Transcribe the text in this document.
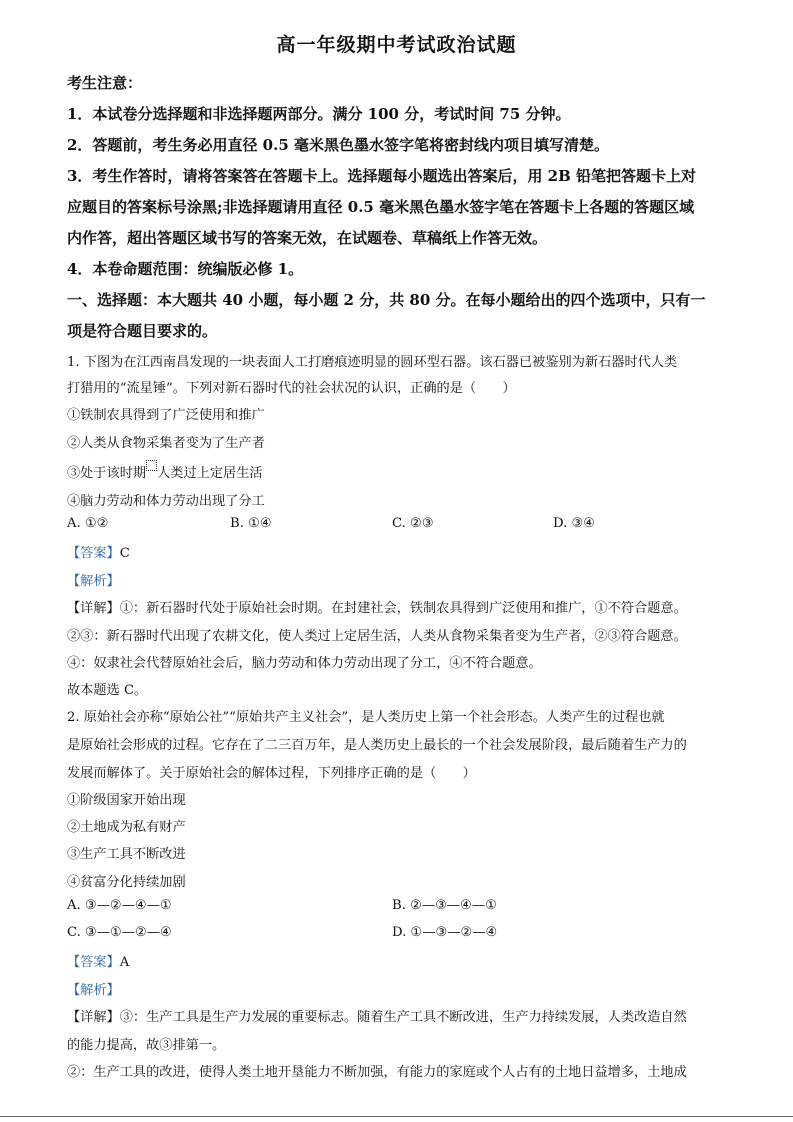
高一年级期中考试政治试题
考生注意：
1．本试卷分选择题和非选择题两部分。满分 100 分，考试时间 75 分钟。
2．答题前，考生务必用直径 0.5 毫米黑色墨水签字笔将密封线内项目填写清楚。
3．考生作答时，请将答案答在答题卡上。选择题每小题选出答案后，用 2B 铅笔把答题卡上对
应题目的答案标号涂黑;非选择题请用直径 0.5 毫米黑色墨水签字笔在答题卡上各题的答题区域
内作答，超出答题区域书写的答案无效，在试题卷、草稿纸上作答无效。
4．本卷命题范围：统编版必修 1。
一、选择题：本大题共 40 小题，每小题 2 分，共 80 分。在每小题给出的四个选项中，只有一
项是符合题目要求的。
1. 下图为在江西南昌发现的一块表面人工打磨痕迹明显的圆环型石器。该石器已被鉴别为新石器时代人类
打猎用的“流星锤”。下列对新石器时代的社会状况的认识，正确的是（　　）
①铁制农具得到了广泛使用和推广
②人类从食物采集者变为了生产者
③处于该时期 人类过上定居生活
④脑力劳动和体力劳动出现了分工
A. ①②	B. ①④	C. ②③	D. ③④
【答案】C
【解析】
【详解】①：新石器时代处于原始社会时期。在封建社会，铁制农具得到广泛使用和推广，①不符合题意。
②③：新石器时代出现了农耕文化，使人类过上定居生活，人类从食物采集者变为生产者，②③符合题意。
④：奴隶社会代替原始社会后，脑力劳动和体力劳动出现了分工，④不符合题意。
故本题选 C。
2. 原始社会亦称“原始公社”“原始共产主义社会”，是人类历史上第一个社会形态。人类产生的过程也就
是原始社会形成的过程。它存在了二三百万年，是人类历史上最长的一个社会发展阶段，最后随着生产力的
发展而解体了。关于原始社会的解体过程，下列排序正确的是（　　）
①阶级国家开始出现
②土地成为私有财产
③生产工具不断改进
④贫富分化持续加剧
A. ③—②—④—①	B. ②—③—④—①
C. ③—①—②—④	D. ①—③—②—④
【答案】A
【解析】
【详解】③：生产工具是生产力发展的重要标志。随着生产工具不断改进，生产力持续发展，人类改造自然
的能力提高，故③排第一。
②：生产工具的改进，使得人类土地开垦能力不断加强，有能力的家庭或个人占有的土地日益增多，土地成
